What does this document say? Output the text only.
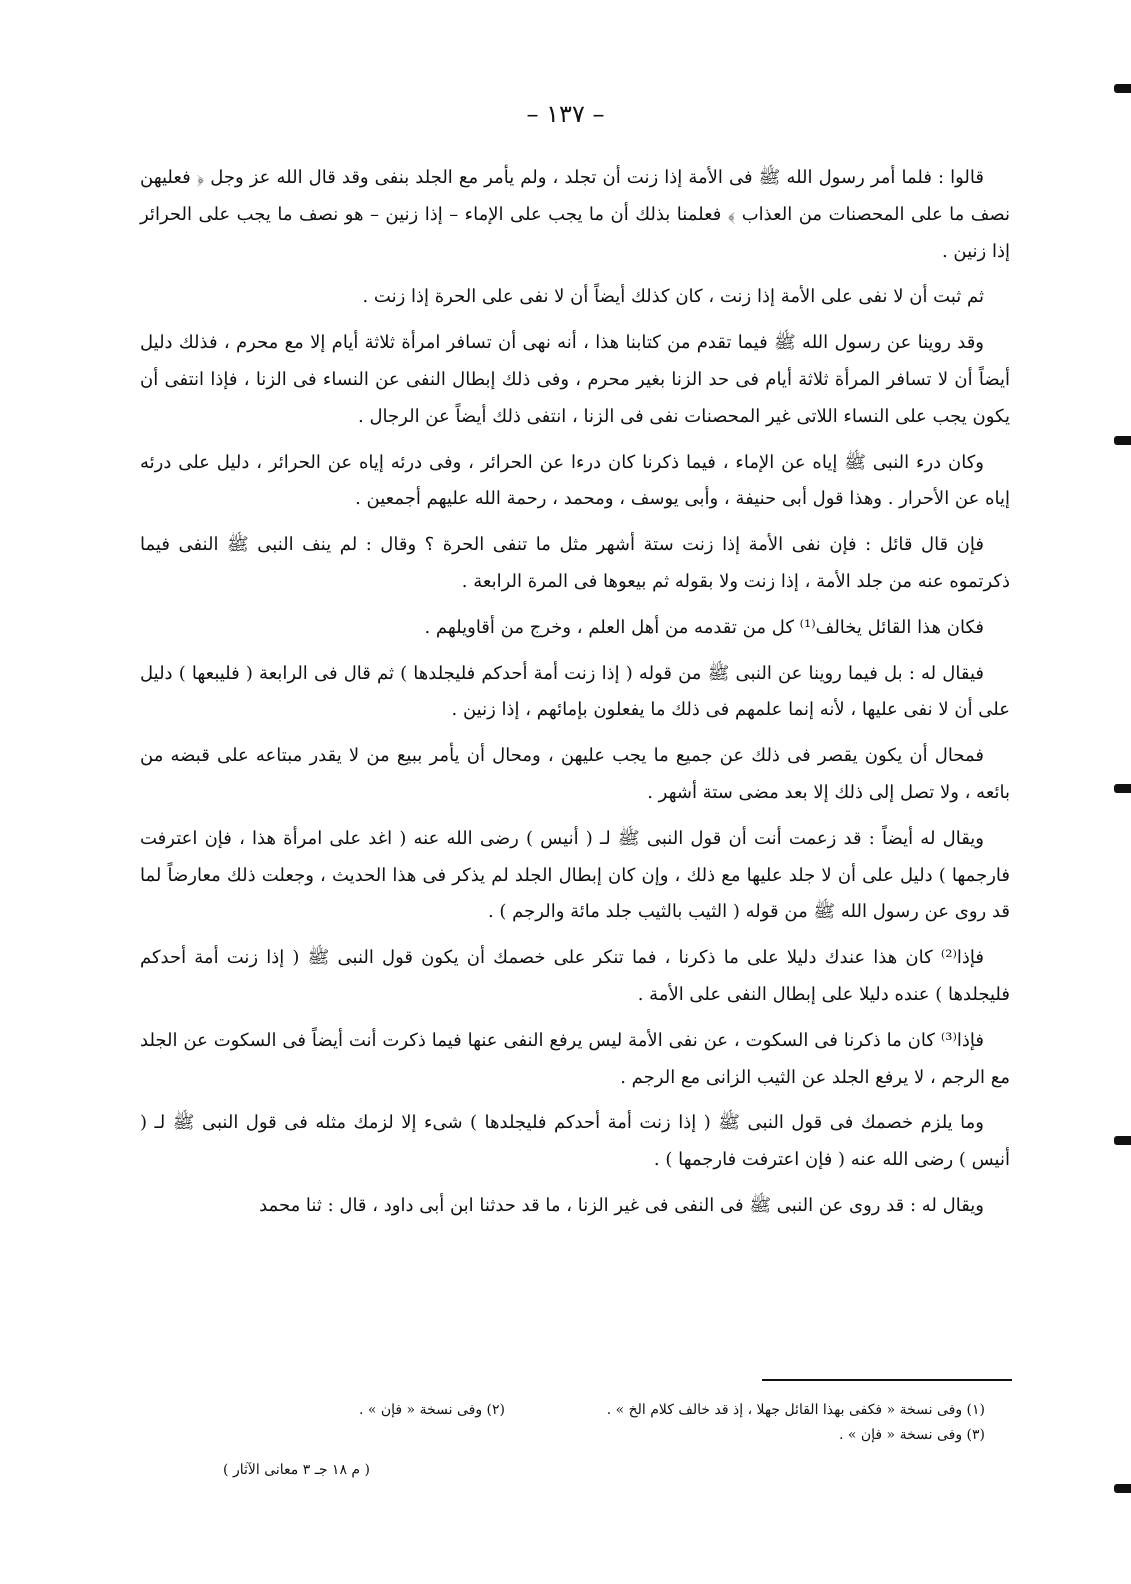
– ١٣٧ –

قالوا : فلما أمر رسول الله ﷺ فى الأمة إذا زنت أن تجلد ، ولم يأمر مع الجلد بنفى وقد قال الله عز وجل ﴿ فعليهن نصف ما على المحصنات من العذاب ﴾ فعلمنا بذلك أن ما يجب على الإماء – إذا زنين – هو نصف ما يجب على الحرائر إذا زنين .

ثم ثبت أن لا نفى على الأمة إذا زنت ، كان كذلك أيضاً أن لا نفى على الحرة إذا زنت .

وقد روينا عن رسول الله ﷺ فيما تقدم من كتابنا هذا ، أنه نهى أن تسافر امرأة ثلاثة أيام إلا مع محرم ، فذلك دليل أيضاً أن لا تسافر المرأة ثلاثة أيام فى حد الزنا بغير محرم ، وفى ذلك إبطال النفى عن النساء فى الزنا ، فإذا انتفى أن يكون يجب على النساء اللاتى غير المحصنات نفى فى الزنا ، انتفى ذلك أيضاً عن الرجال .

وكان درء النبى ﷺ إياه عن الإماء ، فيما ذكرنا كان درءا عن الحرائر ، وفى درئه إياه عن الحرائر ، دليل على درئه إياه عن الأحرار . وهذا قول أبى حنيفة ، وأبى يوسف ، ومحمد ، رحمة الله عليهم أجمعين .

فإن قال قائل : فإن نفى الأمة إذا زنت ستة أشهر مثل ما تنفى الحرة ؟ وقال : لم ينف النبى ﷺ النفى فيما ذكرتموه عنه من جلد الأمة ، إذا زنت ولا بقوله ثم بيعوها فى المرة الرابعة .

فكان هذا القائل يخالف⁽¹⁾ كل من تقدمه من أهل العلم ، وخرج من أقاويلهم .

فيقال له : بل فيما روينا عن النبى ﷺ من قوله ( إذا زنت أمة أحدكم فليجلدها ) ثم قال فى الرابعة ( فليبعها ) دليل على أن لا نفى عليها ، لأنه إنما علمهم فى ذلك ما يفعلون بإمائهم ، إذا زنين .

فمحال أن يكون يقصر فى ذلك عن جميع ما يجب عليهن ، ومحال أن يأمر ببيع من لا يقدر مبتاعه على قبضه من بائعه ، ولا تصل إلى ذلك إلا بعد مضى ستة أشهر .

ويقال له أيضاً : قد زعمت أنت أن قول النبى ﷺ لـ ( أنيس ) رضى الله عنه ( اغد على امرأة هذا ، فإن اعترفت فارجمها ) دليل على أن لا جلد عليها مع ذلك ، وإن كان إبطال الجلد لم يذكر فى هذا الحديث ، وجعلت ذلك معارضاً لما قد روى عن رسول الله ﷺ من قوله ( الثيب بالثيب جلد مائة والرجم ) .

فإذا⁽²⁾ كان هذا عندك دليلا على ما ذكرنا ، فما تنكر على خصمك أن يكون قول النبى ﷺ ( إذا زنت أمة أحدكم فليجلدها ) عنده دليلا على إبطال النفى على الأمة .

فإذا⁽³⁾ كان ما ذكرنا فى السكوت ، عن نفى الأمة ليس يرفع النفى عنها فيما ذكرت أنت أيضاً فى السكوت عن الجلد مع الرجم ، لا يرفع الجلد عن الثيب الزانى مع الرجم .

وما يلزم خصمك فى قول النبى ﷺ ( إذا زنت أمة أحدكم فليجلدها ) شىء إلا لزمك مثله فى قول النبى ﷺ لـ ( أنيس ) رضى الله عنه ( فإن اعترفت فارجمها ) .

ويقال له : قد روى عن النبى ﷺ فى النفى فى غير الزنا ، ما قد حدثنا ابن أبى داود ، قال : ثنا محمد

(١) وفى نسخة « فكفى بهذا القائل جهلا ، إذ قد خالف كلام الخ » .
(٢) وفى نسخة « فإن » .
(٣) وفى نسخة « فإن » .
( م ١٨ جـ ٣ معانى الآثار )
